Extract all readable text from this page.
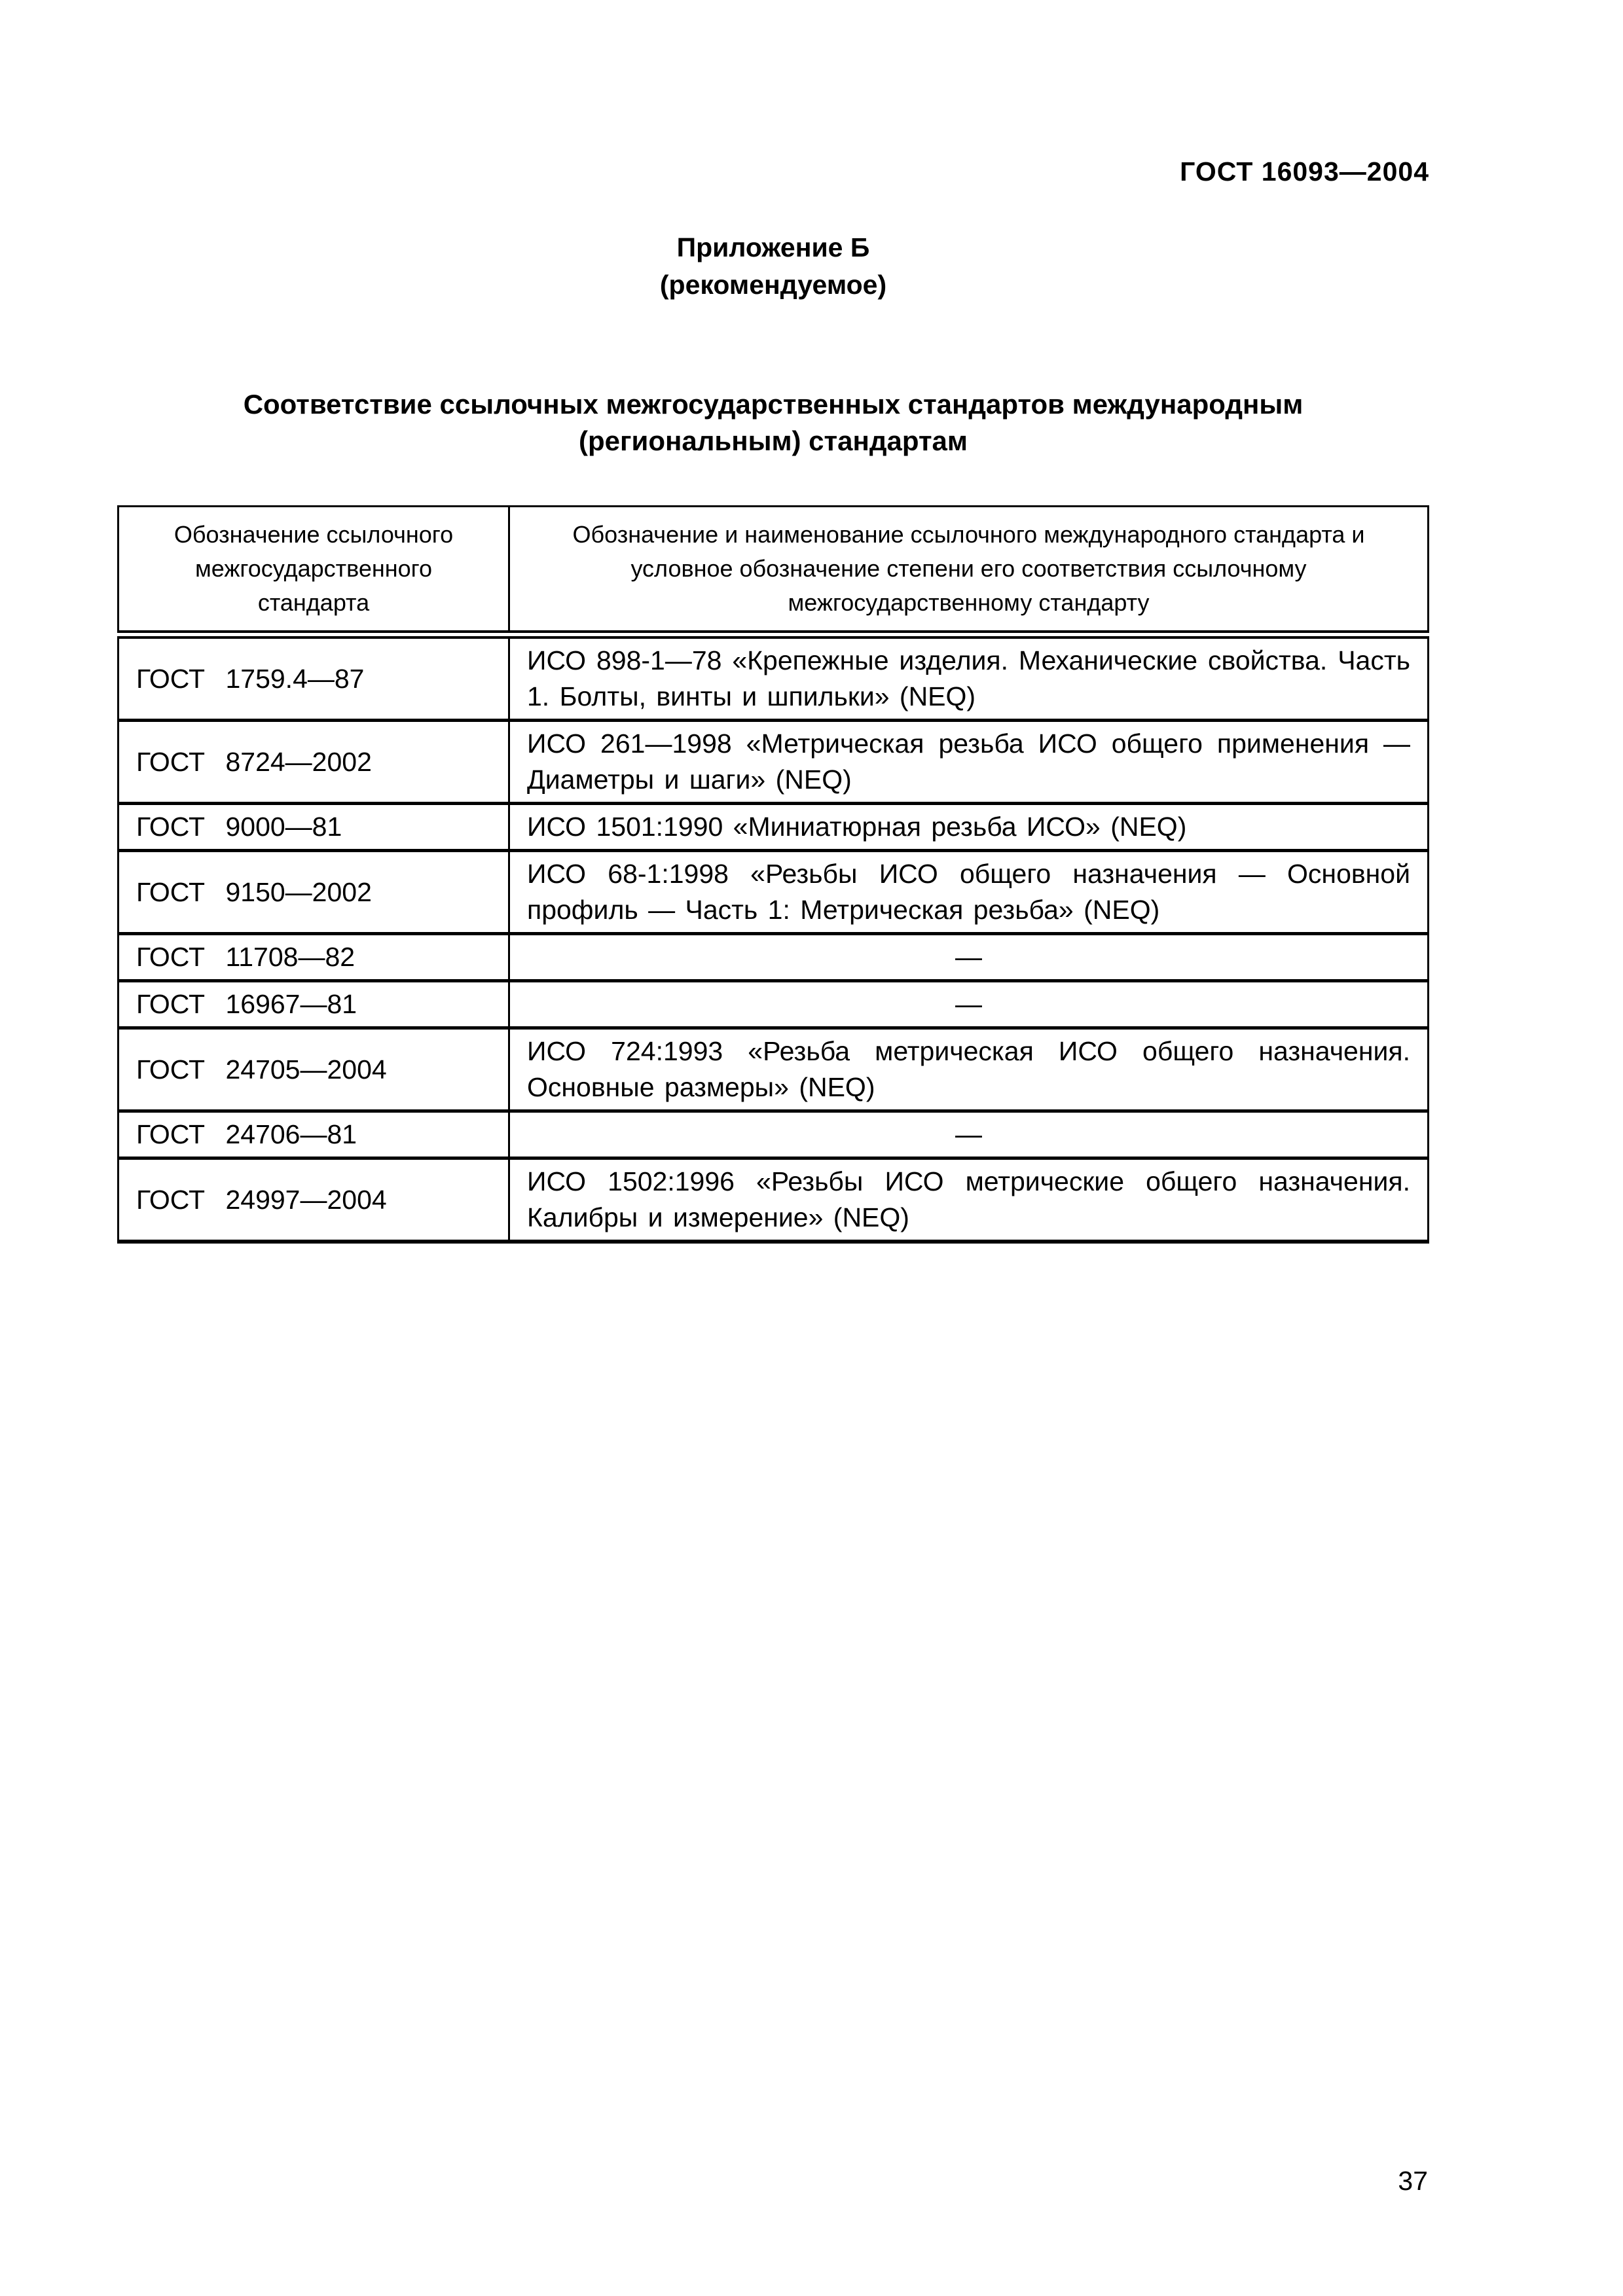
ГОСТ 16093—2004
Приложение Б
(рекомендуемое)
Соответствие ссылочных межгосударственных стандартов международным (региональным) стандартам
Обозначение ссылочного межгосударственного стандарта	Обозначение и наименование ссылочного международного стандарта и условное обозначение степени его соответствия ссылочному межгосударственному стандарту
ГОСТ 1759.4—87	ИСО 898-1—78 «Крепежные изделия. Механические свойства. Часть 1. Болты, винты и шпильки» (NEQ)
ГОСТ 8724—2002	ИСО 261—1998 «Метрическая резьба ИСО общего применения — Диаметры и шаги» (NEQ)
ГОСТ 9000—81	ИСО 1501:1990 «Миниатюрная резьба ИСО» (NEQ)
ГОСТ 9150—2002	ИСО 68-1:1998 «Резьбы ИСО общего назначения — Основной профиль — Часть 1: Метрическая резьба» (NEQ)
ГОСТ 11708—82	—
ГОСТ 16967—81	—
ГОСТ 24705—2004	ИСО 724:1993 «Резьба метрическая ИСО общего назначения. Основные размеры» (NEQ)
ГОСТ 24706—81	—
ГОСТ 24997—2004	ИСО 1502:1996 «Резьбы ИСО метрические общего назначения. Калибры и измерение» (NEQ)
37
